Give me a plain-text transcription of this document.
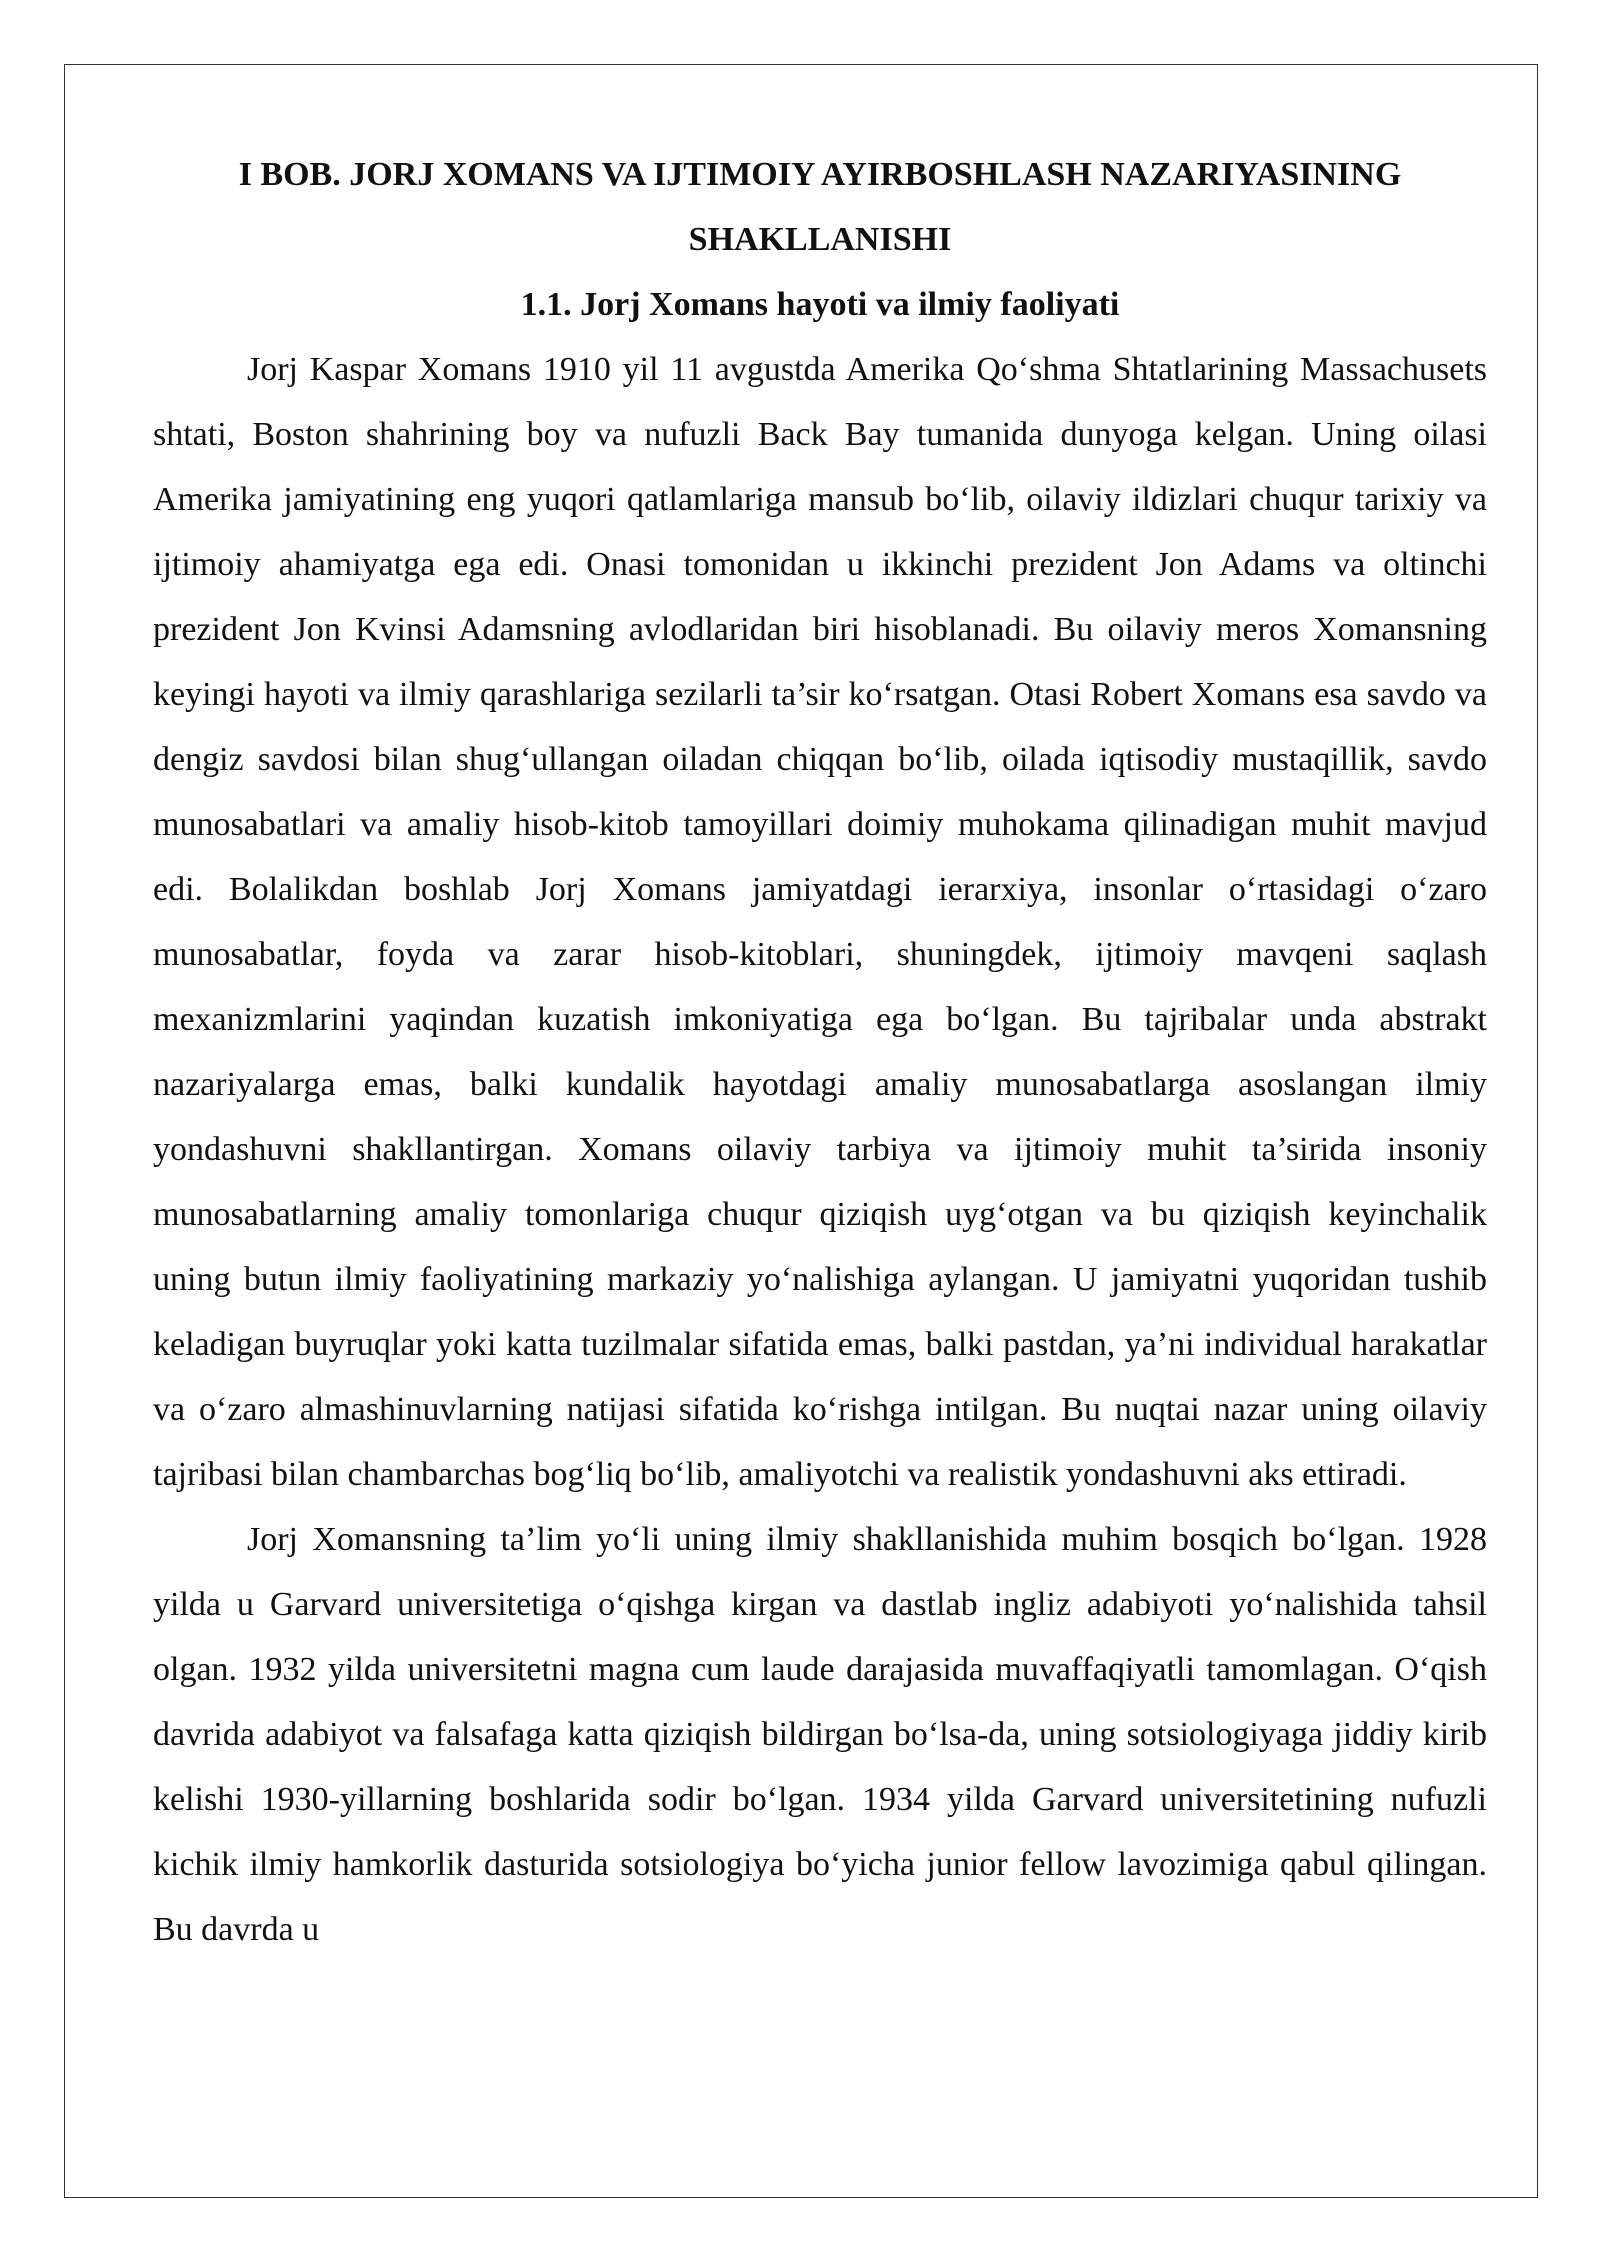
I BOB. JORJ XOMANS VA IJTIMOIY AYIRBOSHLASH NAZARIYASINING SHAKLLANISHI
1.1. Jorj Xomans hayoti va ilmiy faoliyati

Jorj Kaspar Xomans 1910 yil 11 avgustda Amerika Qo‘shma Shtatlarining Massachusets shtati, Boston shahrining boy va nufuzli Back Bay tumanida dunyoga kelgan. Uning oilasi Amerika jamiyatining eng yuqori qatlamlariga mansub bo‘lib, oilaviy ildizlari chuqur tarixiy va ijtimoiy ahamiyatga ega edi. Onasi tomonidan u ikkinchi prezident Jon Adams va oltinchi prezident Jon Kvinsi Adamsning avlodlaridan biri hisoblanadi. Bu oilaviy meros Xomansning keyingi hayoti va ilmiy qarashlariga sezilarli ta’sir ko‘rsatgan. Otasi Robert Xomans esa savdo va dengiz savdosi bilan shug‘ullangan oiladan chiqqan bo‘lib, oilada iqtisodiy mustaqillik, savdo munosabatlari va amaliy hisob-kitob tamoyillari doimiy muhokama qilinadigan muhit mavjud edi. Bolalikdan boshlab Jorj Xomans jamiyatdagi ierarxiya, insonlar o‘rtasidagi o‘zaro munosabatlar, foyda va zarar hisob-kitoblari, shuningdek, ijtimoiy mavqeni saqlash mexanizmlarini yaqindan kuzatish imkoniyatiga ega bo‘lgan. Bu tajribalar unda abstrakt nazariyalarga emas, balki kundalik hayotdagi amaliy munosabatlarga asoslangan ilmiy yondashuvni shakllantirgan. Xomans oilaviy tarbiya va ijtimoiy muhit ta’sirida insoniy munosabatlarning amaliy tomonlariga chuqur qiziqish uyg‘otgan va bu qiziqish keyinchalik uning butun ilmiy faoliyatining markaziy yo‘nalishiga aylangan. U jamiyatni yuqoridan tushib keladigan buyruqlar yoki katta tuzilmalar sifatida emas, balki pastdan, ya’ni individual harakatlar va o‘zaro almashinuvlarning natijasi sifatida ko‘rishga intilgan. Bu nuqtai nazar uning oilaviy tajribasi bilan chambarchas bog‘liq bo‘lib, amaliyotchi va realistik yondashuvni aks ettiradi.

Jorj Xomansning ta’lim yo‘li uning ilmiy shakllanishida muhim bosqich bo‘lgan. 1928 yilda u Garvard universitetiga o‘qishga kirgan va dastlab ingliz adabiyoti yo‘nalishida tahsil olgan. 1932 yilda universitetni magna cum laude darajasida muvaffaqiyatli tamomlagan. O‘qish davrida adabiyot va falsafaga katta qiziqish bildirgan bo‘lsa-da, uning sotsiologiyaga jiddiy kirib kelishi 1930-yillarning boshlarida sodir bo‘lgan. 1934 yilda Garvard universitetining nufuzli kichik ilmiy hamkorlik dasturida sotsiologiya bo‘yicha junior fellow lavozimiga qabul qilingan. Bu davrda u
